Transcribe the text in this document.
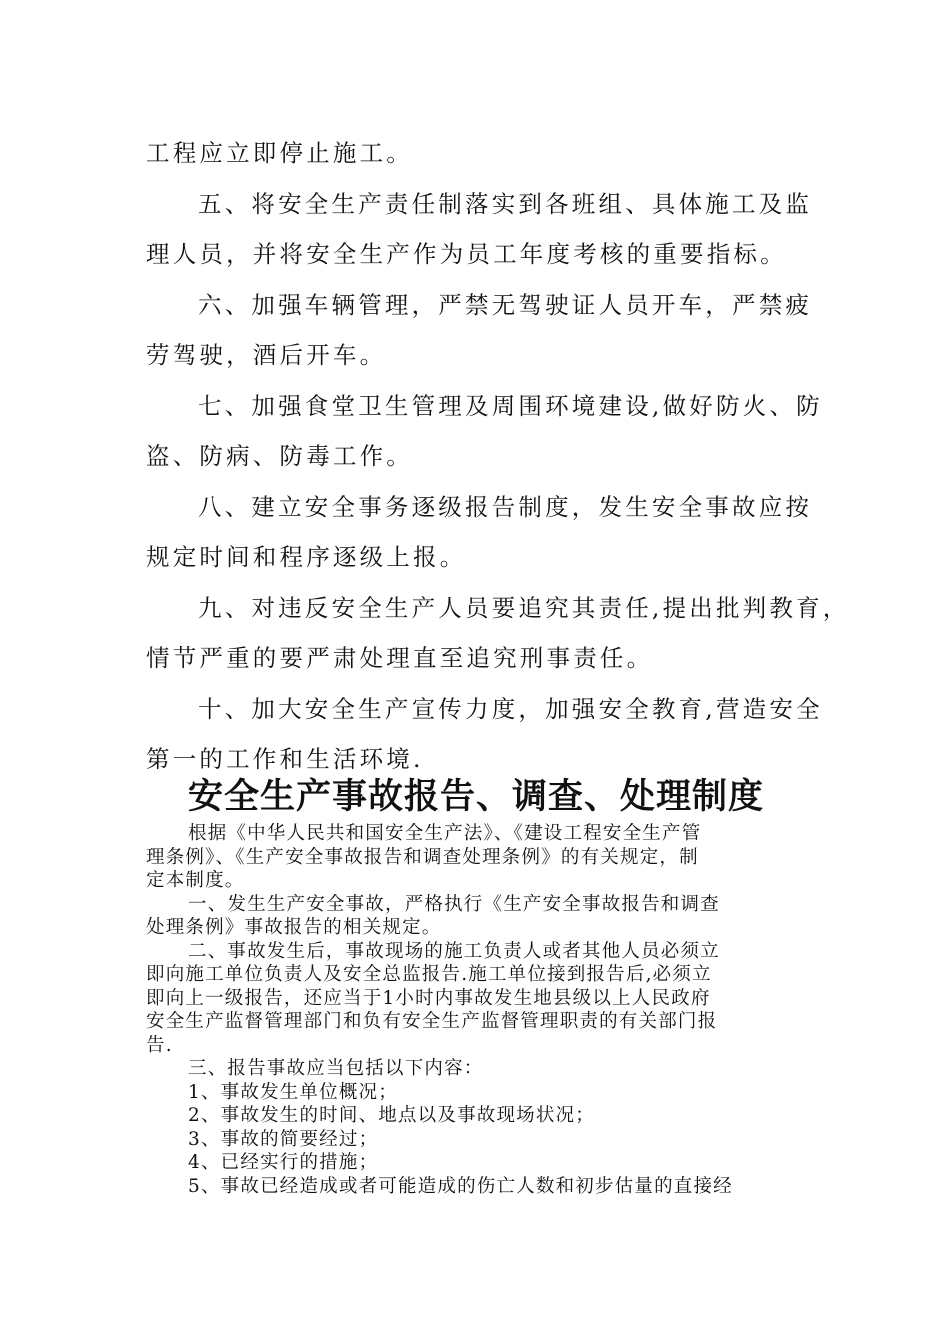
工程应立即停止施工。

五、将安全生产责任制落实到各班组、具体施工及监

理人员，并将安全生产作为员工年度考核的重要指标。

六、加强车辆管理，严禁无驾驶证人员开车，严禁疲

劳驾驶，酒后开车。

七、加强食堂卫生管理及周围环境建设,做好防火、防

盗、防病、防毒工作。

八、建立安全事务逐级报告制度，发生安全事故应按

规定时间和程序逐级上报。

九、对违反安全生产人员要追究其责任,提出批判教育，

情节严重的要严肃处理直至追究刑事责任。

十、加大安全生产宣传力度，加强安全教育,营造安全

第一的工作和生活环境.

安全生产事故报告、调查、处理制度

根据《中华人民共和国安全生产法》、《建设工程安全生产管

理条例》、《生产安全事故报告和调查处理条例》的有关规定，制

定本制度。

一、发生生产安全事故，严格执行《生产安全事故报告和调查

处理条例》事故报告的相关规定。

二、事故发生后，事故现场的施工负责人或者其他人员必须立

即向施工单位负责人及安全总监报告.施工单位接到报告后,必须立

即向上一级报告，还应当于1小时内事故发生地县级以上人民政府

安全生产监督管理部门和负有安全生产监督管理职责的有关部门报

告.

三、报告事故应当包括以下内容：

1、事故发生单位概况；

2、事故发生的时间、地点以及事故现场状况；

3、事故的简要经过；

4、已经实行的措施；

5、事故已经造成或者可能造成的伤亡人数和初步估量的直接经
